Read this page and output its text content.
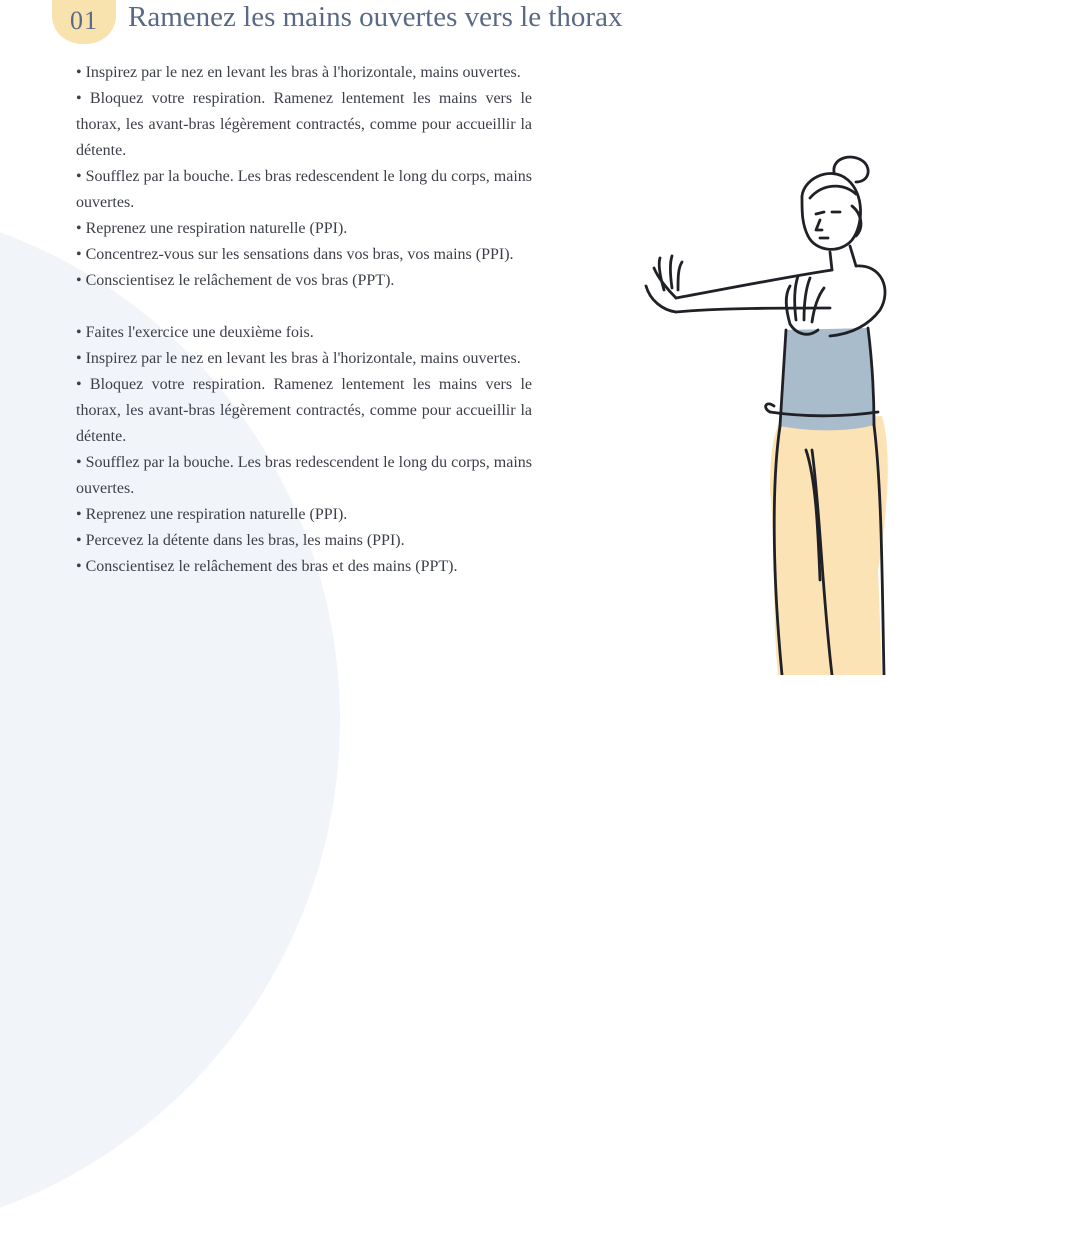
01 Ramenez les mains ouvertes vers le thorax

• Inspirez par le nez en levant les bras à l'horizontale, mains ouvertes.

• Bloquez votre respiration. Ramenez lentement les mains vers le thorax, les avant-bras légèrement contractés, comme pour accueillir la détente.

• Soufflez par la bouche. Les bras redescendent le long du corps, mains ouvertes.

• Reprenez une respiration naturelle (PPI).

• Concentrez-vous sur les sensations dans vos bras, vos mains (PPI).

• Conscientisez le relâchement de vos bras (PPT).

• Faites l'exercice une deuxième fois.

• Inspirez par le nez en levant les bras à l'horizontale, mains ouvertes.

• Bloquez votre respiration. Ramenez lentement les mains vers le thorax, les avant-bras légèrement contractés, comme pour accueillir la détente.

• Soufflez par la bouche. Les bras redescendent le long du corps, mains ouvertes.

• Reprenez une respiration naturelle (PPI).

• Percevez la détente dans les bras, les mains (PPI).

• Conscientisez le relâchement des bras et des mains (PPT).
